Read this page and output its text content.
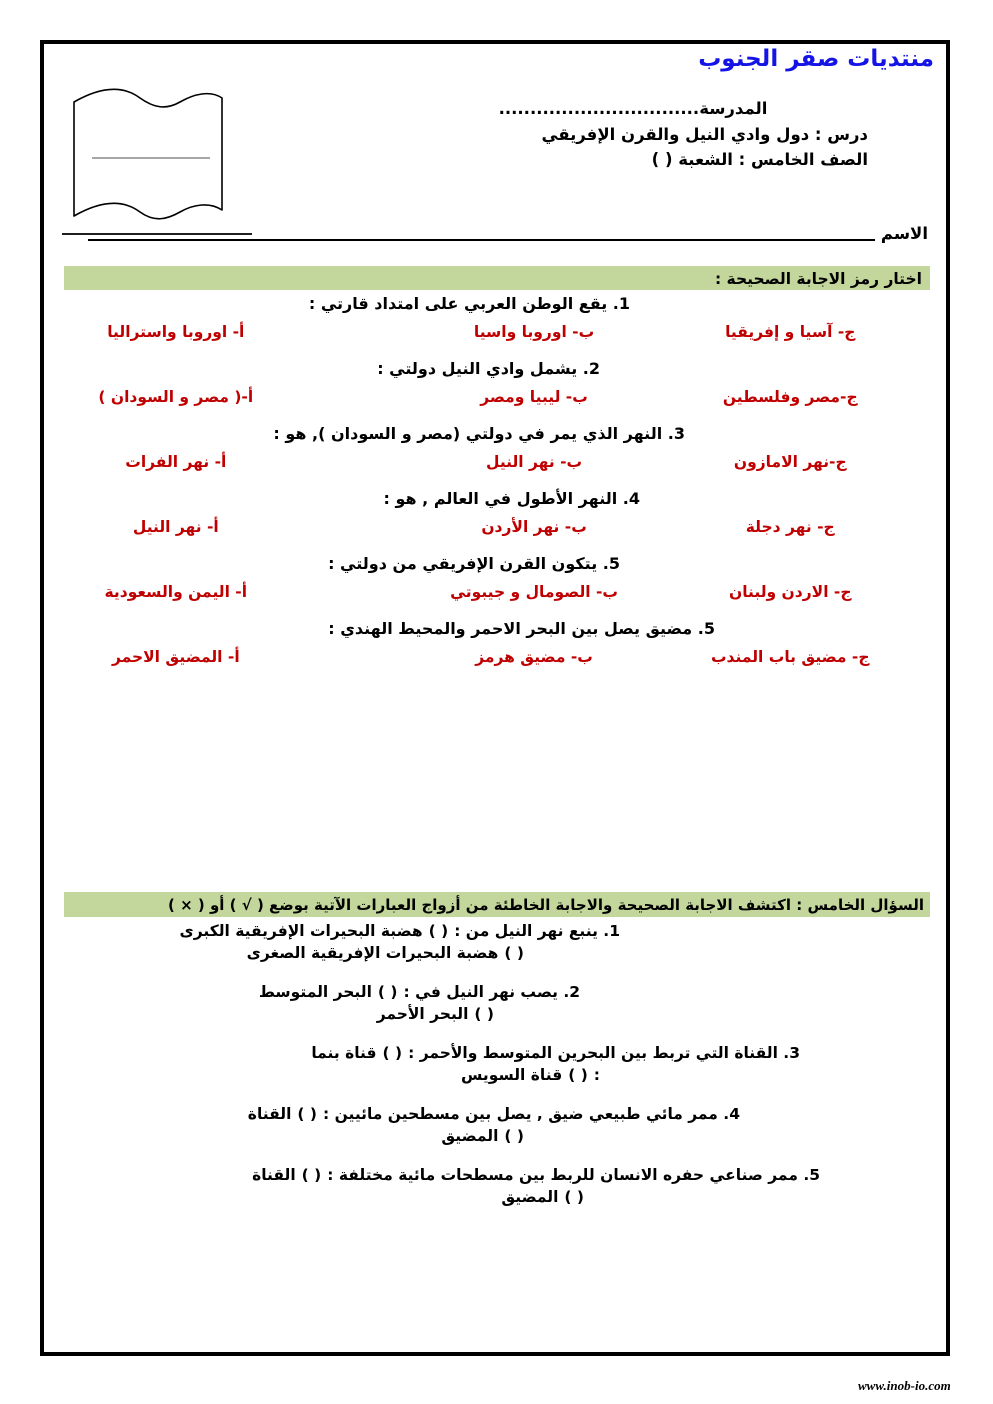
منتديات صقر الجنوب
المدرسة................................
درس : دول وادي النيل والقرن الإفريقي
الصف الخامس : الشعبة ( )
الاسم
اختار رمز الاجابة الصحيحة :
1. يقع الوطن العربي على امتداد قارتي :
ج- آسيا و إفريقيا
ب- اوروبا واسيا
أ- اوروبا واستراليا
2. يشمل وادي النيل دولتي :
ج-مصر وفلسطين
ب- ليبيا ومصر
أ-( مصر و السودان )
3. النهر الذي يمر في دولتي (مصر و السودان ), هو :
ج-نهر الامازون
ب- نهر النيل
أ- نهر الفرات
4. النهر الأطول في العالم , هو :
ج- نهر دجلة
ب- نهر الأردن
أ- نهر النيل
5. يتكون القرن الإفريقي من دولتي :
ج- الاردن ولبنان
ب- الصومال و جيبوتي
أ- اليمن والسعودية
5. مضيق يصل بين البحر الاحمر والمحيط الهندي :
ج- مضيق باب المندب
ب- مضيق هرمز
أ- المضيق الاحمر
السؤال الخامس : اكتشف الاجابة الصحيحة والاجابة الخاطئة من أزواج العبارات الآتية بوضع ( √ ) أو ( × )
1. ينبع نهر النيل من :
( )
هضبة البحيرات الإفريقية الكبرى
( )
هضبة البحيرات الإفريقية الصغرى
2. يصب نهر النيل في :
( )
البحر المتوسط
( )
البحر الأحمر
3. القناة التي تربط بين البحرين المتوسط والأحمر :
( )
قناة بنما
:
( )
قناة السويس
4. ممر مائي طبيعي ضيق , يصل بين مسطحين مائيين :
( )
القناة
( )
المضيق
5. ممر صناعي حفره الانسان للربط بين مسطحات مائية مختلفة :
( )
القناة
( )
المضيق
www.inob-io.com
